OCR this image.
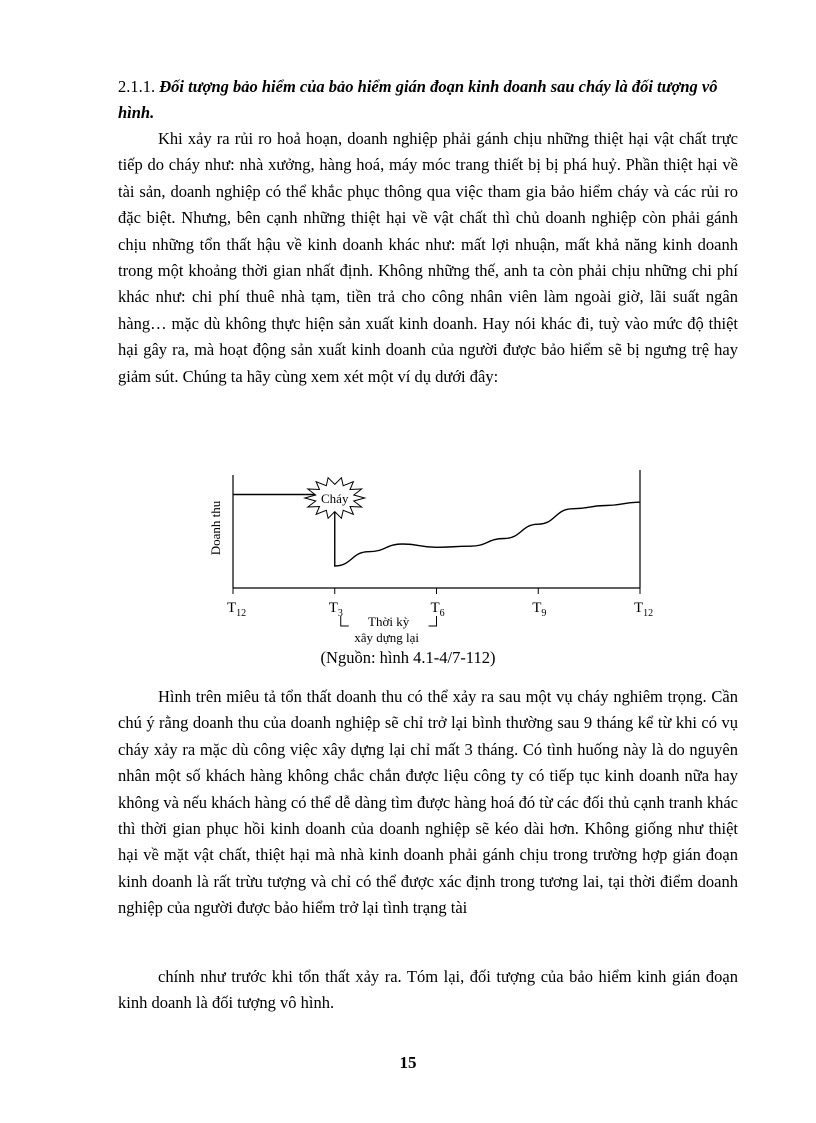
2.1.1. Đối tượng bảo hiểm của bảo hiểm gián đoạn kinh doanh sau cháy là đối tượng vô hình.

Khi xảy ra rủi ro hoả hoạn, doanh nghiệp phải gánh chịu những thiệt hại vật chất trực tiếp do cháy như: nhà xưởng, hàng hoá, máy móc trang thiết bị bị phá huỷ. Phần thiệt hại về tài sản, doanh nghiệp có thể khắc phục thông qua việc tham gia bảo hiểm cháy và các rủi ro đặc biệt. Nhưng, bên cạnh những thiệt hại về vật chất thì chủ doanh nghiệp còn phải gánh chịu những tổn thất hậu về kinh doanh khác như: mất lợi nhuận, mất khả năng kinh doanh trong một khoảng thời gian nhất định. Không những thế, anh ta còn phải chịu những chi phí khác như: chi phí thuê nhà tạm, tiền trả cho công nhân viên làm ngoài giờ, lãi suất ngân hàng… mặc dù không thực hiện sản xuất kinh doanh. Hay nói khác đi, tuỳ vào mức độ thiệt hại gây ra, mà hoạt động sản xuất kinh doanh của người được bảo hiểm sẽ bị ngưng trệ hay giảm sút. Chúng ta hãy cùng xem xét một ví dụ dưới đây:

Doanh thu
$T_{12}$	$T_3$	$T_6$	$T_9$	$T_{12}$
Cháy
Thời kỳ
xây dựng lại
(Nguồn: hình 4.1-4/7-112)

Hình trên miêu tả tổn thất doanh thu có thể xảy ra sau một vụ cháy nghiêm trọng. Cần chú ý rằng doanh thu của doanh nghiệp sẽ chỉ trở lại bình thường sau 9 tháng kể từ khi có vụ cháy xảy ra mặc dù công việc xây dựng lại chỉ mất 3 tháng. Có tình huống này là do nguyên nhân một số khách hàng không chắc chắn được liệu công ty có tiếp tục kinh doanh nữa hay không và nếu khách hàng có thể dễ dàng tìm được hàng hoá đó từ các đối thủ cạnh tranh khác thì thời gian phục hồi kinh doanh của doanh nghiệp sẽ kéo dài hơn. Không giống như thiệt hại về mặt vật chất, thiệt hại mà nhà kinh doanh phải gánh chịu trong trường hợp gián đoạn kinh doanh là rất trừu tượng và chỉ có thể được xác định trong tương lai, tại thời điểm doanh nghiệp của người được bảo hiểm trở lại tình trạng tài

chính như trước khi tổn thất xảy ra. Tóm lại, đối tượng của bảo hiểm kinh gián đoạn kinh doanh là đối tượng vô hình.

15
